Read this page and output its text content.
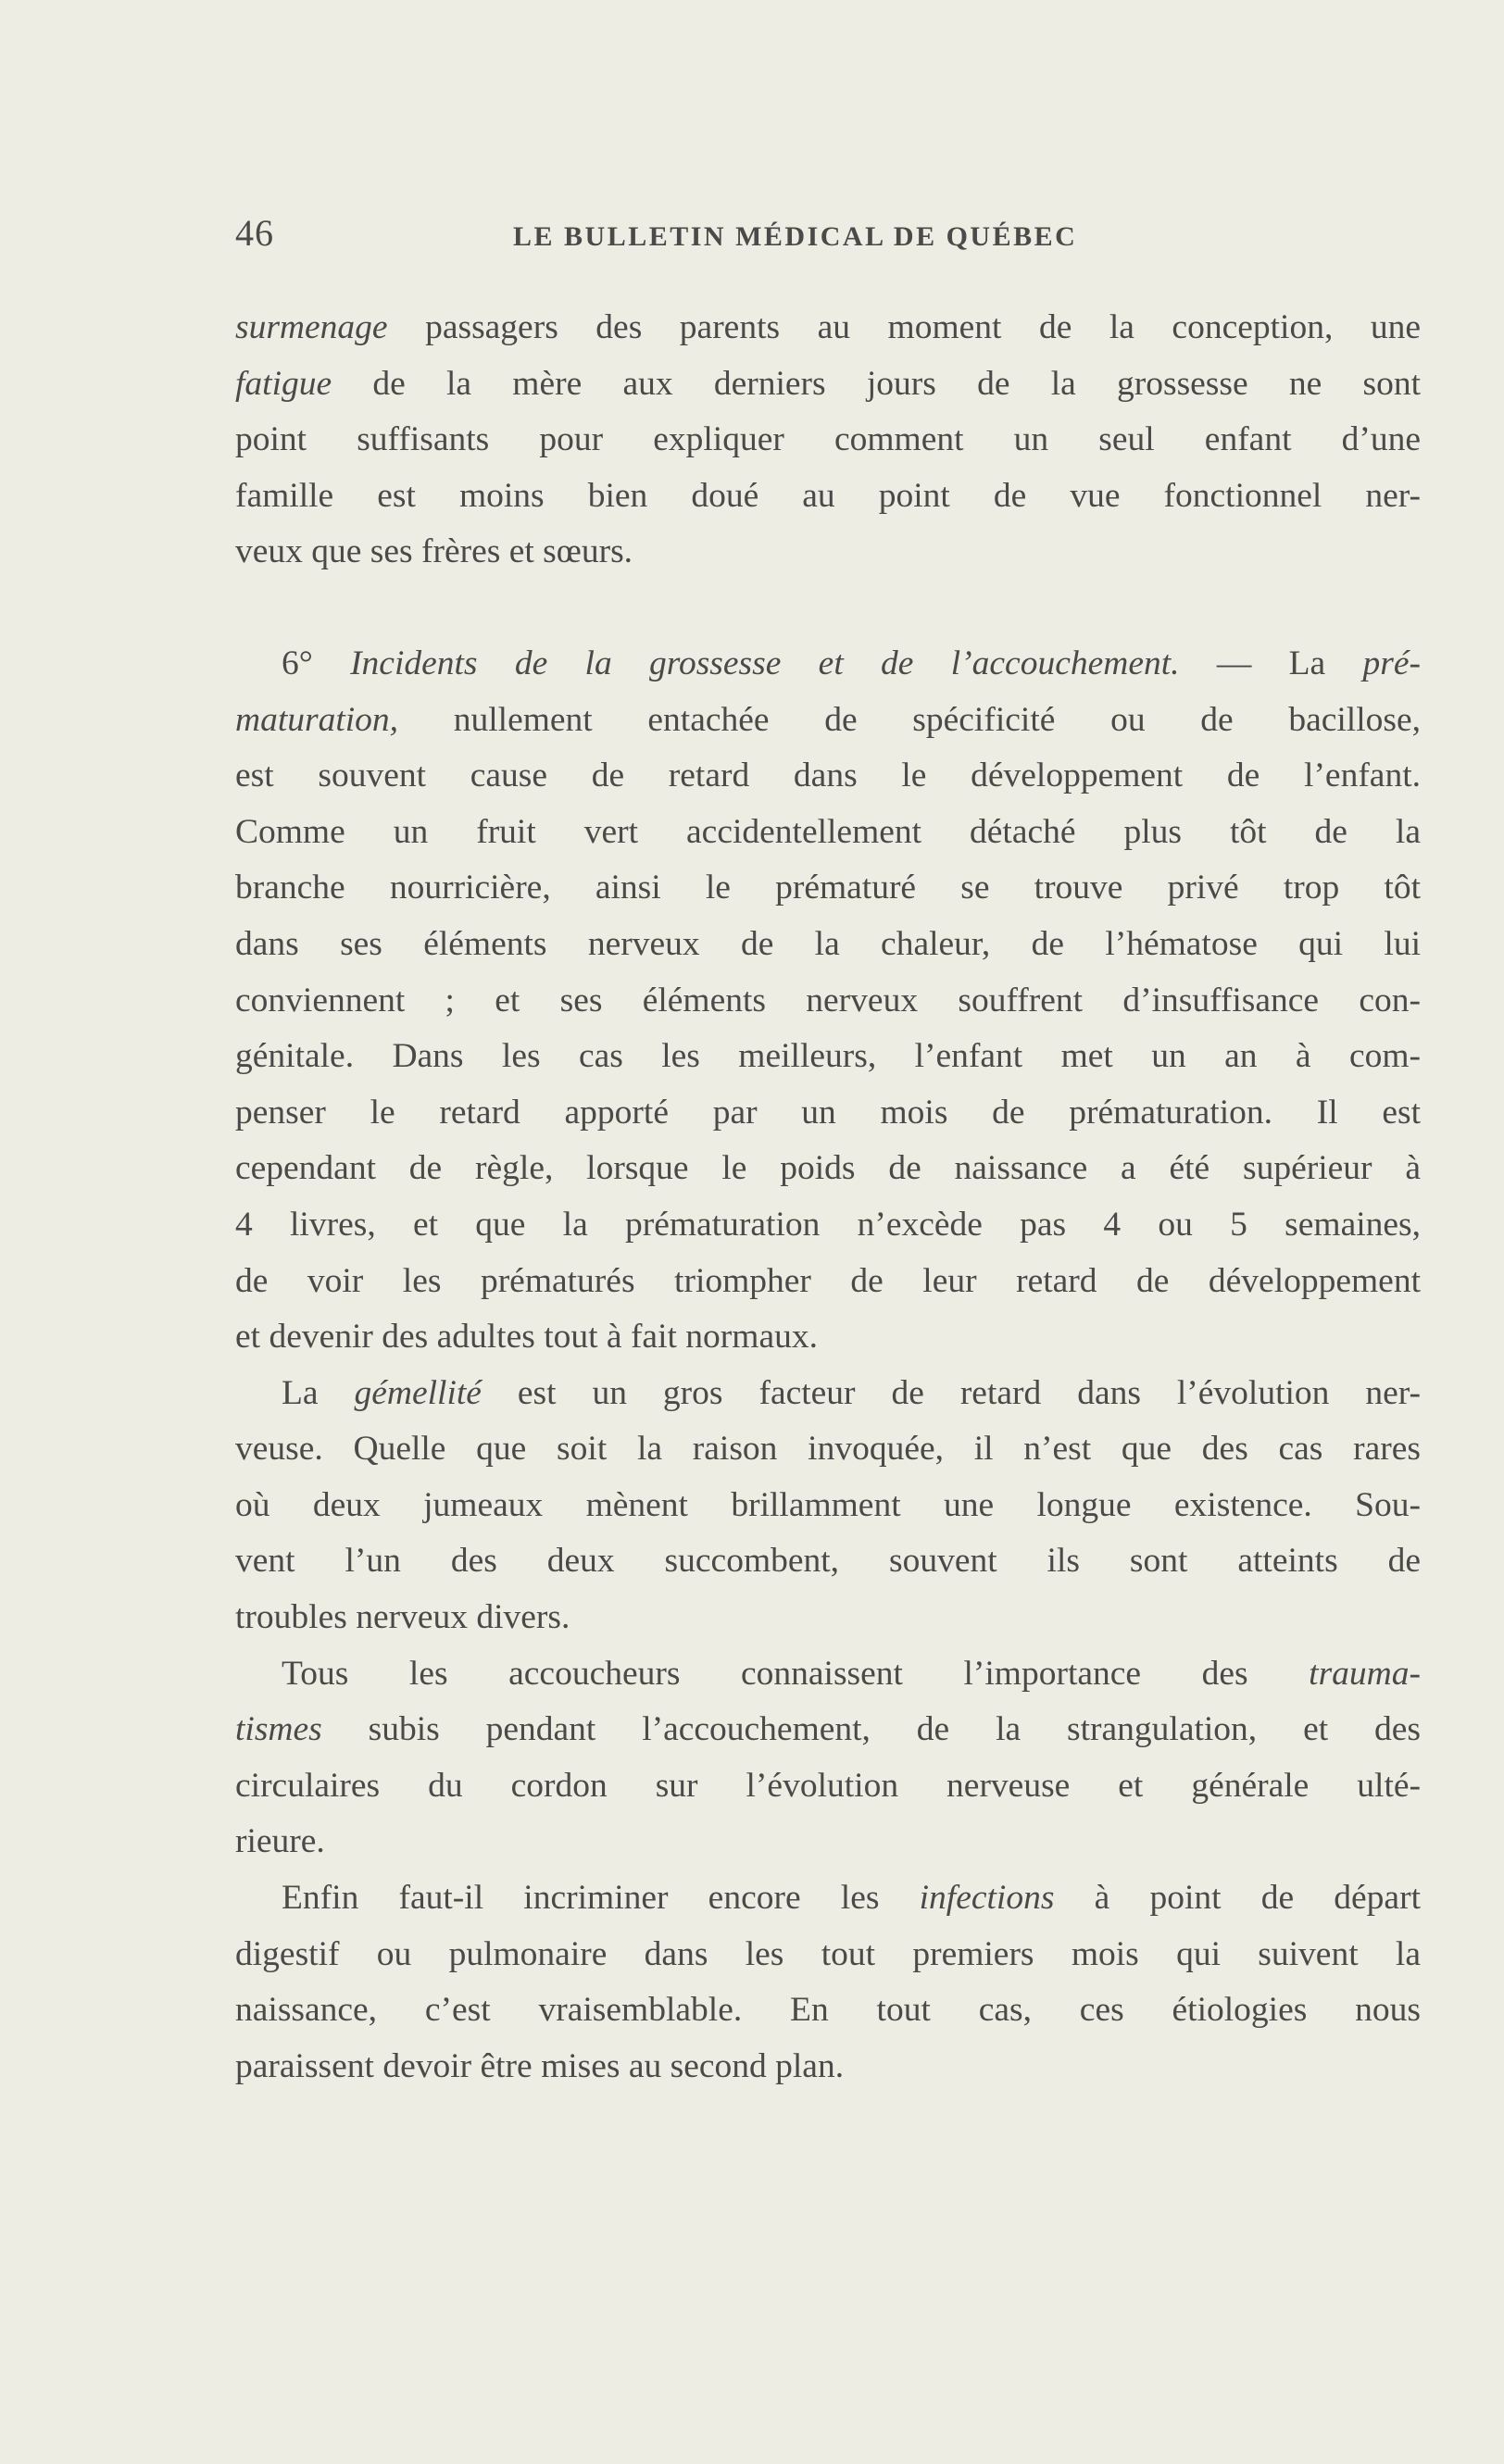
46	LE BULLETIN MÉDICAL DE QUÉBEC
surmenage passagers des parents au moment de la conception, une
fatigue de la mère aux derniers jours de la grossesse ne sont
point suffisants pour expliquer comment un seul enfant d’une
famille est moins bien doué au point de vue fonctionnel ner-
veux que ses frères et sœurs.
6° Incidents de la grossesse et de l’accouchement. — La pré-
maturation, nullement entachée de spécificité ou de bacillose,
est souvent cause de retard dans le développement de l’enfant.
Comme un fruit vert accidentellement détaché plus tôt de la
branche nourricière, ainsi le prématuré se trouve privé trop tôt
dans ses éléments nerveux de la chaleur, de l’hématose qui lui
conviennent ; et ses éléments nerveux souffrent d’insuffisance con-
génitale. Dans les cas les meilleurs, l’enfant met un an à com-
penser le retard apporté par un mois de prématuration. Il est
cependant de règle, lorsque le poids de naissance a été supérieur à
4 livres, et que la prématuration n’excède pas 4 ou 5 semaines,
de voir les prématurés triompher de leur retard de développement
et devenir des adultes tout à fait normaux.
La gémellité est un gros facteur de retard dans l’évolution ner-
veuse. Quelle que soit la raison invoquée, il n’est que des cas rares
où deux jumeaux mènent brillamment une longue existence. Sou-
vent l’un des deux succombent, souvent ils sont atteints de
troubles nerveux divers.
Tous les accoucheurs connaissent l’importance des trauma-
tismes subis pendant l’accouchement, de la strangulation, et des
circulaires du cordon sur l’évolution nerveuse et générale ulté-
rieure.
Enfin faut-il incriminer encore les infections à point de départ
digestif ou pulmonaire dans les tout premiers mois qui suivent la
naissance, c’est vraisemblable. En tout cas, ces étiologies nous
paraissent devoir être mises au second plan.
